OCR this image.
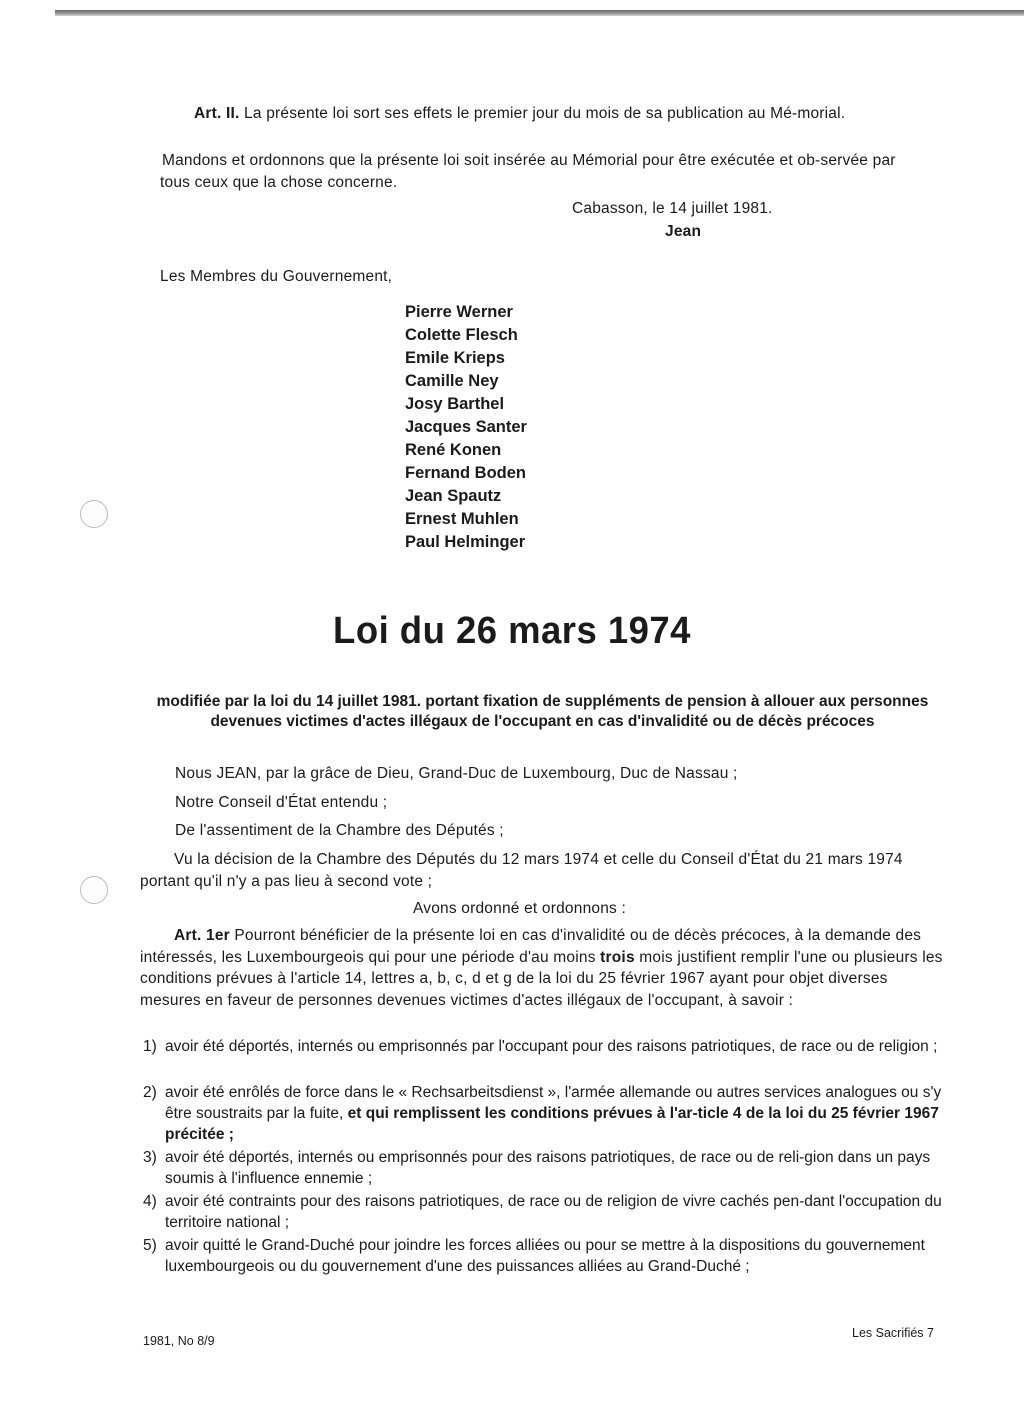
Art. II. La présente loi sort ses effets le premier jour du mois de sa publication au Mé-morial.

Mandons et ordonnons que la présente loi soit insérée au Mémorial pour être exécutée et ob-servée par tous ceux que la chose concerne.

Cabasson, le 14 juillet 1981.

Jean

Les Membres du Gouvernement,

Pierre Werner
Colette Flesch
Emile Krieps
Camille Ney
Josy Barthel
Jacques Santer
René Konen
Fernand Boden
Jean Spautz
Ernest Muhlen
Paul Helminger
Loi du 26 mars 1974
modifiée par la loi du 14 juillet 1981. portant fixation de suppléments de pension à allouer aux personnes devenues victimes d'actes illégaux de l'occupant en cas d'invalidité ou de décès précoces

Nous JEAN, par la grâce de Dieu, Grand-Duc de Luxembourg, Duc de Nassau ;

Notre Conseil d'État entendu ;

De l'assentiment de la Chambre des Députés ;

Vu la décision de la Chambre des Députés du 12 mars 1974 et celle du Conseil d'État du 21 mars 1974 portant qu'il n'y a pas lieu à second vote ;

Avons ordonné et ordonnons :

Art. 1er Pourront bénéficier de la présente loi en cas d'invalidité ou de décès précoces, à la demande des intéressés, les Luxembourgeois qui pour une période d'au moins trois mois justifient remplir l'une ou plusieurs les conditions prévues à l'article 14, lettres a, b, c, d et g de la loi du 25 février 1967 ayant pour objet diverses mesures en faveur de personnes devenues victimes d'actes illégaux de l'occupant, à savoir :

1) avoir été déportés, internés ou emprisonnés par l'occupant pour des raisons patriotiques, de race ou de religion ;
2) avoir été enrôlés de force dans le « Rechsarbeitsdienst », l'armée allemande ou autres services analogues ou s'y être soustraits par la fuite, et qui remplissent les conditions prévues à l'ar-ticle 4 de la loi du 25 février 1967 précitée ;
3) avoir été déportés, internés ou emprisonnés pour des raisons patriotiques, de race ou de reli-gion dans un pays soumis à l'influence ennemie ;
4) avoir été contraints pour des raisons patriotiques, de race ou de religion de vivre cachés pen-dant l'occupation du territoire national ;
5) avoir quitté le Grand-Duché pour joindre les forces alliées ou pour se mettre à la dispositions du gouvernement luxembourgeois ou du gouvernement d'une des puissances alliées au Grand-Duché ;
1981, No 8/9
Les Sacrifiés 7
